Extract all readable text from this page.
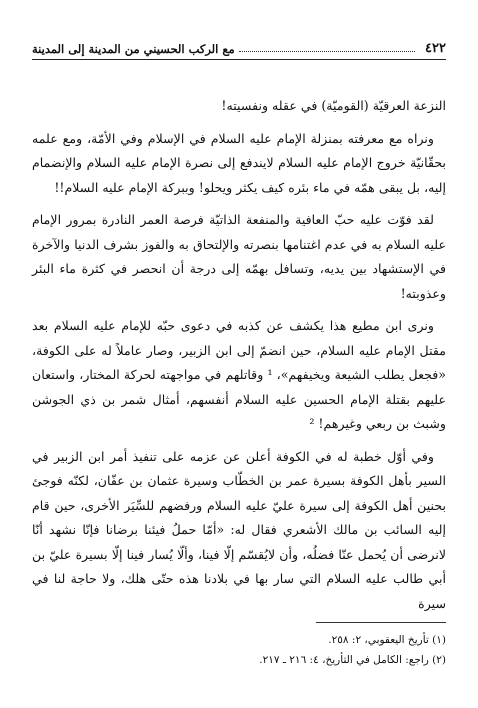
٤٢٢
مع الركب الحسيني من المدينة إلى المدينة

النزعة العرقيّة (القوميّة) في عقله ونفسيته!

ونراه مع معرفته بمنزلة الإمام عليه السلام في الإسلام وفي الأمّة، ومع علمه بحقّانيّة خروج الإمام عليه السلام لايندفع إلى نصرة الإمام عليه السلام والإنضمام إليه، بل يبقى همّه في ماء بئره كيف يكثر ويحلو! وببركة الإمام عليه السلام!!

لقد فوّت عليه حبّ العافية والمنفعة الذاتيّة فرصة العمر النادرة بمرور الإمام عليه السلام به في عدم اغتنامها بنصرته والإلتحاق به والفوز بشرف الدنيا والآخرة في الإستشهاد بين يديه، وتسافل بهمّه إلى درجة أن انحصر في كثرة ماء البئر وعذوبته!

ونرى ابن مطيع هذا يكشف عن كذبه في دعوى حبّه للإمام عليه السلام بعد مقتل الإمام عليه السلام، حين انضمّ إلى ابن الزبير، وصار عاملاً له على الكوفة، «فجعل يطلب الشيعة ويخيفهم»، ¹ وقاتلهم في مواجهته لحركة المختار، واستعان عليهم بقتلة الإمام الحسين عليه السلام أنفسهم، أمثال شمر بن ذي الجوشن وشبث بن ربعي وغيرهم! ²

وفي أوّل خطبة له في الكوفة أعلن عن عزمه على تنفيذ أمر ابن الزبير في السير بأهل الكوفة بسيرة عمر بن الخطّاب وسيرة عثمان بن عفّان، لكنّه فوجئ بحنين أهل الكوفة إلى سيرة عليّ عليه السلام ورفضهم للسِّيَر الأخرى، حين قام إليه السائب بن مالك الأشعري فقال له: «أمّا حملُ فيئنا برضانا فإنّا نشهد أنّا لانرضى أن يُحمل عنّا فضلُه، وأن لايُقسّم إلّا فينا، وألّا يُسار فينا إلّا بسيرة عليّ بن أبي طالب عليه السلام التي سار بها في بلادنا هذه حتّى هلك، ولا حاجة لنا في سيرة

(١) تأريخ اليعقوبي، ٢: ٢٥٨.
(٢) راجع: الكامل في التأريخ، ٤: ٢١٦ ـ ٢١٧.
